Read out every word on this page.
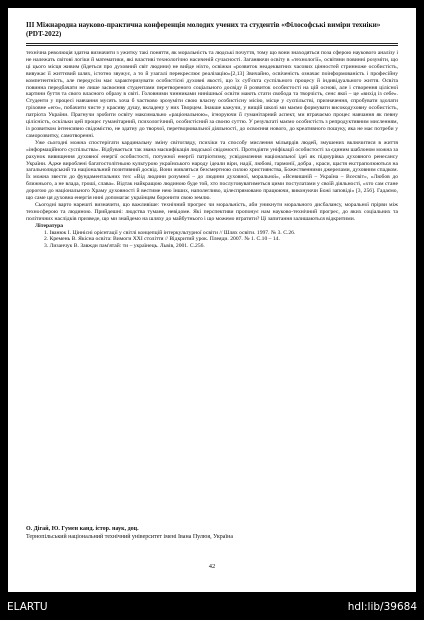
ІІІ Міжнародна науково-практична конференція молодих учених та студентів «Філософські виміри техніки» (PDT-2022)

технічна революція здатна визначити з ужитку такі поняття, як моральність та людські почуття, тому що вони знаходяться поза сферою наукового аналізу і не належать світові логіки й математики, які властиві технологічно насиченій сучасності. Заганяючи освіту в «технології», освітяни повинні розуміти, що ці цього місця живим (йдеться про духовний світ людини) не вийде ніхто, освіжки «розвиток неадекватних часових цінностей стринноже особистість, вивужає її життєвий шлях, істотно звужує, а то й узагалі перекреслює реалізацію»[2,13] Звичайно, освіченість означає поінформованість і професійну компетентність, але передусім має характеризувати особистісні духовні якості, що їх суб'єкта суспільного процесу й індивідуального життя. Освіта повинна передбачати не лише засвоєння студентами перетвореного соціального досвіду й розвиток особистості на цій основі, але і створення цілісної картини буття та свого власного образу в світі. Головними чинниками нинішньої освіти мають стати свобода та творчість, сенс якої – це «вихід із себе». Студенти у процесі навчання мусять хоча б частково зрозуміти свою власну особистісну місію, місце у суспільстві, призначення, спробувати здолати гріховне «его», побачити чисте у красиву душу, вкладену у них Творцем. Інакше кажучи, у вищій школі ми маємо формувати високодуховну особистість, патріота України. Прагнучи зробити освіту максимально «раціональною», ігноруючи її гуманітарний аспект, ми втрачаємо процес навчання як певну цілісність, оскільки цей процес гуманітарний, психологічний, особистісний за своєю суттю. У результаті маємо особистість з репродуктивним мисленням, із розвитком інтенсивно свідомістю, не здатну до творчої, перетворювальної діяльності, до освоєння нового, до креативного пошуку, яка не має потреби у саморозвитку, самотворенні.

Уже сьогодні можна спостерігати кардинальну зміну світогляду, психіки та способу мислення мільярдів людей, змушених включитися в життя «інформаційного суспільства». Відбувається так звана маскифікація людської свідомості. Протидіяти уніфікації особистості за єдиним шаблоном можна за рахунок вивищення духовної енергії особистості, потужної енергії патріотизму, усвідомлення національної ідеї як підмурівка духовного ренесансу України. Адже вироблені багатостолітньою культурою українського народу ідеали віри, надії, любові, гармонії, добра , краси, щастя екстраполюються на загальнолюдський та національний позитивний досвід. Вони живляться безсмертною силою християнства, Божественними джерелами, духовним спадком. Їх можна звести до фундаментальних тез: «Від людини розумної – до людини духовної, моральної», «Всевишній – Україна – Всесвіт», «Любов до ближнього, а не влада, гроші, слава». Відтак найкращою людиною буде той, хто послуговуватиметься цими постулатами у своїй діяльності, «хто сам стане дорогою до національного Храму духовності й вестиме нею інших, наполегливо, цілеспрямовано працюючи, виконуючи Божі заповіді» [3, 256]. Гадаємо, що саме ця духовна енергія нині допомагає українцям боронити свою землю.

Сьогодні варто нарешті визначити, що важливіше: технічний прогрес чи моральність, аби уникнути морального дисбалансу, моральної прірви між техносферою та людиною. Прийдешні: людства тумане, невідоме. Які перспективи пропонує нам науково-технічний прогрес, до яких соціальних та політичних наслідків призведе, що ми знайдемо на шляху до майбутнього і що можемо втратити? Ці запитання залишаються відкритими.

Література

1. Іванюк І. Ціннісні орієнтації у світлі концепцій інтеркультурної освіти // Шлях освіти. 1997. № 3. С.26.

2. Кремень В. Якісна освіта: Вимоги XXI століття // Відкритий урок. Плеяди. 2007. № 1. С.10 – 14.

3. Лизанчук В. Завжди пам'ятай: ти – українець. Львів, 2001. С.256.

О. Дігай, Ю. Гумен канд. істор. наук, доц.
Тернопільський національний технічний університет імені Івана Пулюя, Україна
42
ELARTU	hdl:lib/39684
